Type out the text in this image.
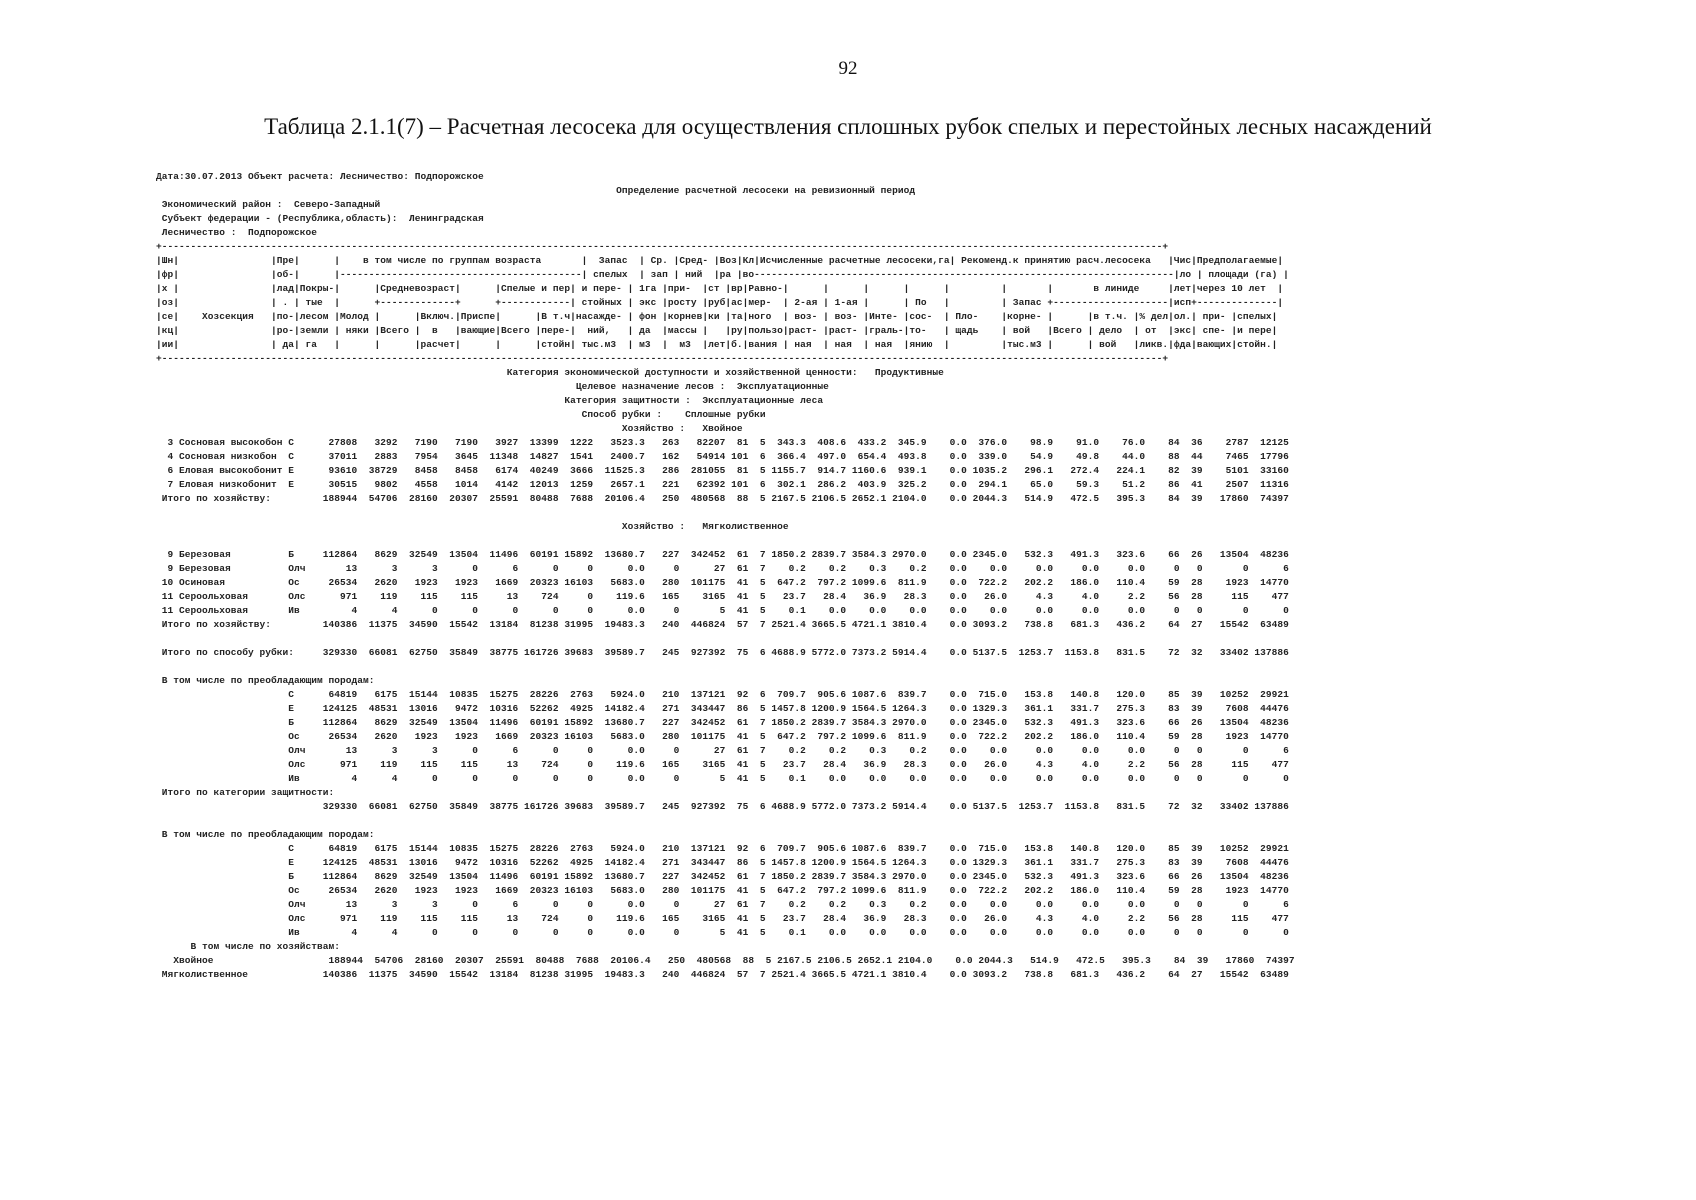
92
Таблица 2.1.1(7) – Расчетная лесосека для осуществления сплошных рубок спелых и перестойных лесных насаждений
Дата:30.07.2013 Объект расчета: Лесничество: Подпорожское
Определение расчетной лесосеки на ревизионный период
Экономический район :  Северо-Западный
Субъект федерации - (Республика,область):  Ленинградская
Лесничество :  Подпорожское
+------------------------------------------------------------------------------------------------------------------------------------------------------------------------------+
|Шн|                |Пре|      |    в том числе по группам возраста       |  Запас  | Ср. |Сред- |Воз|Кл|Исчисленные расчетные лесосеки,га| Рекоменд.к принятию расч.лесосека   |Чис|Предполагаемые|
|фр|                |об-|      |------------------------------------------| спелых  | зап | ний  |ра |во-------------------------------------------------------------------------|ло | площади (га) |
|х |                |лад|Покры-|      |Средневозраст|      |Спелые и пер| и пере- | 1га |при-  |ст |вр|Равно-|      |      |      |      |         |       |       в линиде     |лет|через 10 лет  |
|оз|                | . | тые  |      +-------------+      +------------| стойных | экс |росту |руб|ас|мер-  | 2-ая | 1-ая |      | По   |         | Запас +--------------------|исп+--------------|
|се|    Хозсекция   |по-|лесом |Молод |      |Включ.|Приспе|      |В т.ч|насажде- | фон |корнев|ки |та|ного  | воз- | воз- |Инте- |сос-  | Пло-    |корне- |      |в т.ч. |% дел|ол.| при- |спелых|
|кц|                |ро-|земли | няки |Всего |  в   |вающие|Всего |пере-|  ний,   | да  |массы |   |ру|пользо|раст- |раст- |граль-|то-   | щадь    | вой   |Всего | дело  | от  |экс| спе- |и пере|
|ии|                | да| га   |      |      |расчет|      |      |стойн| тыс.м3  | м3  |  м3  |лет|б.|вания | ная  | ная  | ная  |янию  |         |тыс.м3 |      | вой   |ликв.|фда|вающих|стойн.|
+------------------------------------------------------------------------------------------------------------------------------------------------------------------------------+
Категория экономической доступности и хозяйственной ценности:   Продуктивные
Целевое назначение лесов :  Эксплуатационные
Категория защитности :  Эксплуатационные леса
Способ рубки :    Сплошные рубки
Хозяйство :   Хвойное
3 Сосновая высокобон С      27808   3292   7190   7190   3927  13399  1222   3523.3   263   82207  81  5  343.3  408.6  433.2  345.9    0.0  376.0    98.9    91.0    76.0    84  36    2787  12125
4 Сосновая низкобон  С      37011   2883   7954   3645  11348  14827  1541   2400.7   162   54914 101  6  366.4  497.0  654.4  493.8    0.0  339.0    54.9    49.8    44.0    88  44    7465  17796
6 Еловая высокобонит Е      93610  38729   8458   8458   6174  40249  3666  11525.3   286  281055  81  5 1155.7  914.7 1160.6  939.1    0.0 1035.2   296.1   272.4   224.1    82  39    5101  33160
7 Еловая низкобонит  Е      30515   9802   4558   1014   4142  12013  1259   2657.1   221   62392 101  6  302.1  286.2  403.9  325.2    0.0  294.1    65.0    59.3    51.2    86  41    2507  11316
Итого по хозяйству:         188944  54706  28160  20307  25591  80488  7688  20106.4   250  480568  88  5 2167.5 2106.5 2652.1 2104.0    0.0 2044.3   514.9   472.5   395.3    84  39   17860  74397
Хозяйство :   Мягколиственное
9 Березовая          Б     112864   8629  32549  13504  11496  60191 15892  13680.7   227  342452  61  7 1850.2 2839.7 3584.3 2970.0    0.0 2345.0   532.3   491.3   323.6    66  26   13504  48236
9 Березовая          Олч       13      3      3      0      6      0     0      0.0     0      27  61  7    0.2    0.2    0.3    0.2    0.0    0.0     0.0     0.0     0.0     0   0       0      6
10 Осиновая           Ос     26534   2620   1923   1923   1669  20323 16103   5683.0   280  101175  41  5  647.2  797.2 1099.6  811.9    0.0  722.2   202.2   186.0   110.4    59  28    1923  14770
11 Сероольховая       Олс      971    119    115    115     13    724     0    119.6   165    3165  41  5   23.7   28.4   36.9   28.3    0.0   26.0     4.3     4.0     2.2    56  28     115    477
11 Сероольховая       Ив         4      4      0      0      0      0     0      0.0     0       5  41  5    0.1    0.0    0.0    0.0    0.0    0.0     0.0     0.0     0.0     0   0       0      0
Итого по хозяйству:         140386  11375  34590  15542  13184  81238 31995  19483.3   240  446824  57  7 2521.4 3665.5 4721.1 3810.4    0.0 3093.2   738.8   681.3   436.2    64  27   15542  63489
Итого по способу рубки:     329330  66081  62750  35849  38775 161726 39683  39589.7   245  927392  75  6 4688.9 5772.0 7373.2 5914.4    0.0 5137.5  1253.7  1153.8   831.5    72  32   33402 137886
В том числе по преобладающим породам:
С      64819   6175  15144  10835  15275  28226  2763   5924.0   210  137121  92  6  709.7  905.6 1087.6  839.7    0.0  715.0   153.8   140.8   120.0    85  39   10252  29921
Е     124125  48531  13016   9472  10316  52262  4925  14182.4   271  343447  86  5 1457.8 1200.9 1564.5 1264.3    0.0 1329.3   361.1   331.7   275.3    83  39    7608  44476
Б     112864   8629  32549  13504  11496  60191 15892  13680.7   227  342452  61  7 1850.2 2839.7 3584.3 2970.0    0.0 2345.0   532.3   491.3   323.6    66  26   13504  48236
Ос     26534   2620   1923   1923   1669  20323 16103   5683.0   280  101175  41  5  647.2  797.2 1099.6  811.9    0.0  722.2   202.2   186.0   110.4    59  28    1923  14770
Олч       13      3      3      0      6      0     0      0.0     0      27  61  7    0.2    0.2    0.3    0.2    0.0    0.0     0.0     0.0     0.0     0   0       0      6
Олс      971    119    115    115     13    724     0    119.6   165    3165  41  5   23.7   28.4   36.9   28.3    0.0   26.0     4.3     4.0     2.2    56  28     115    477
Ив         4      4      0      0      0      0     0      0.0     0       5  41  5    0.1    0.0    0.0    0.0    0.0    0.0     0.0     0.0     0.0     0   0       0      0
Итого по категории защитности:
329330  66081  62750  35849  38775 161726 39683  39589.7   245  927392  75  6 4688.9 5772.0 7373.2 5914.4    0.0 5137.5  1253.7  1153.8   831.5    72  32   33402 137886
В том числе по преобладающим породам:
С      64819   6175  15144  10835  15275  28226  2763   5924.0   210  137121  92  6  709.7  905.6 1087.6  839.7    0.0  715.0   153.8   140.8   120.0    85  39   10252  29921
Е     124125  48531  13016   9472  10316  52262  4925  14182.4   271  343447  86  5 1457.8 1200.9 1564.5 1264.3    0.0 1329.3   361.1   331.7   275.3    83  39    7608  44476
Б     112864   8629  32549  13504  11496  60191 15892  13680.7   227  342452  61  7 1850.2 2839.7 3584.3 2970.0    0.0 2345.0   532.3   491.3   323.6    66  26   13504  48236
Ос     26534   2620   1923   1923   1669  20323 16103   5683.0   280  101175  41  5  647.2  797.2 1099.6  811.9    0.0  722.2   202.2   186.0   110.4    59  28    1923  14770
Олч       13      3      3      0      6      0     0      0.0     0      27  61  7    0.2    0.2    0.3    0.2    0.0    0.0     0.0     0.0     0.0     0   0       0      6
Олс      971    119    115    115     13    724     0    119.6   165    3165  41  5   23.7   28.4   36.9   28.3    0.0   26.0     4.3     4.0     2.2    56  28     115    477
Ив         4      4      0      0      0      0     0      0.0     0       5  41  5    0.1    0.0    0.0    0.0    0.0    0.0     0.0     0.0     0.0     0   0       0      0
В том числе по хозяйствам:
Хвойное                    188944  54706  28160  20307  25591  80488  7688  20106.4   250  480568  88  5 2167.5 2106.5 2652.1 2104.0    0.0 2044.3   514.9   472.5   395.3    84  39   17860  74397
Мягколиственное             140386  11375  34590  15542  13184  81238 31995  19483.3   240  446824  57  7 2521.4 3665.5 4721.1 3810.4    0.0 3093.2   738.8   681.3   436.2    64  27   15542  63489
